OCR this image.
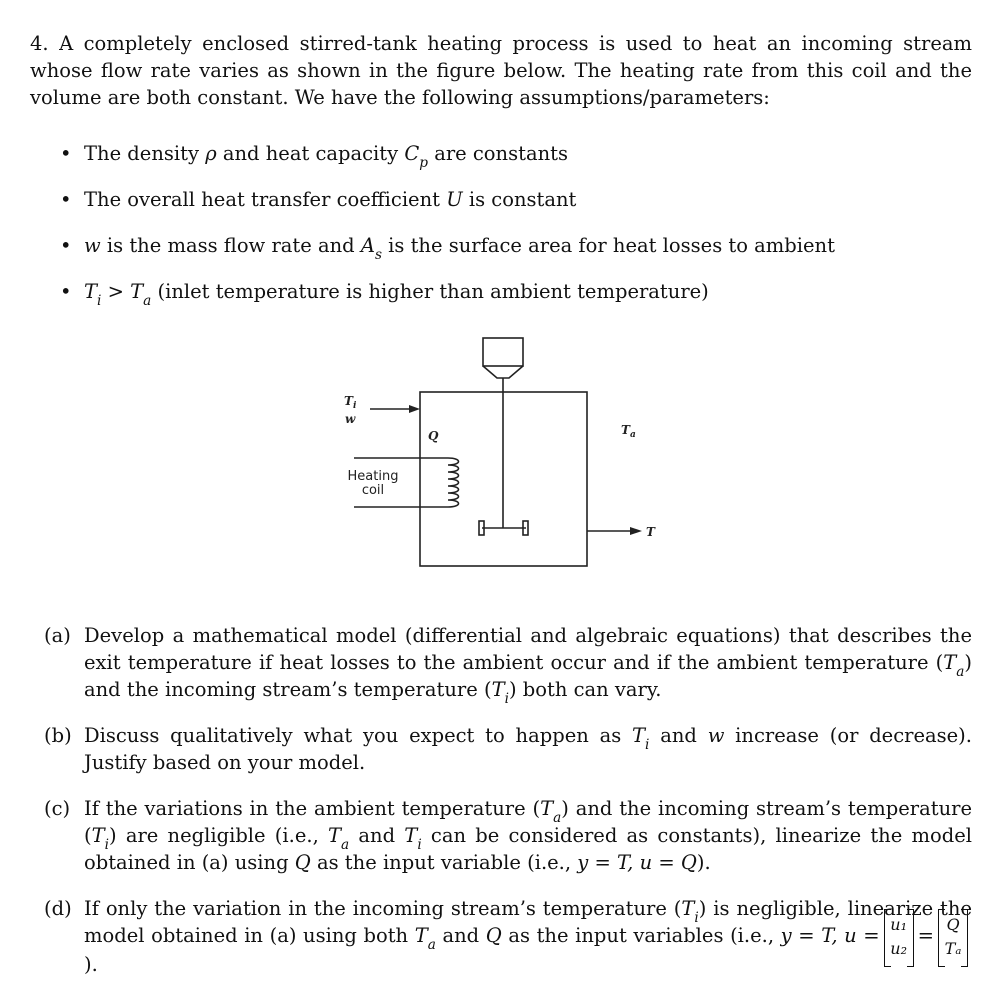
4. A completely enclosed stirred-tank heating process is used to heat an incoming stream whose flow rate varies as shown in the figure below. The heating rate from this coil and the volume are both constant. We have the following assumptions/parameters:

• The density ρ and heat capacity $C_p$ are constants
• The overall heat transfer coefficient U is constant
• w is the mass flow rate and $A_s$ is the surface area for heat losses to ambient
• $T_i > T_a$ (inlet temperature is higher than ambient temperature)
$T_i$
w
Q	$T_a$
T
Heating
coil
(a) Develop a mathematical model (differential and algebraic equations) that describes the exit temperature if heat losses to the ambient occur and if the ambient temperature $(T_a)$ and the incoming stream’s temperature $(T_i)$ both can vary.
(b) Discuss qualitatively what you expect to happen as $T_i$ and w increase (or decrease). Justify based on your model.
(c) If the variations in the ambient temperature $(T_a)$ and the incoming stream’s temperature $(T_i)$ are negligible (i.e., $T_a$ and $T_i$ can be considered as constants), linearize the model obtained in (a) using Q as the input variable (i.e., y = T, u = Q).
(d) If only the variation in the incoming stream’s temperature $(T_i)$ is negligible, linearize the model obtained in (a) using both $T_a$ and Q as the input variables (i.e., y = T, u = u₁
u₂
= Q
Tₐ
).
